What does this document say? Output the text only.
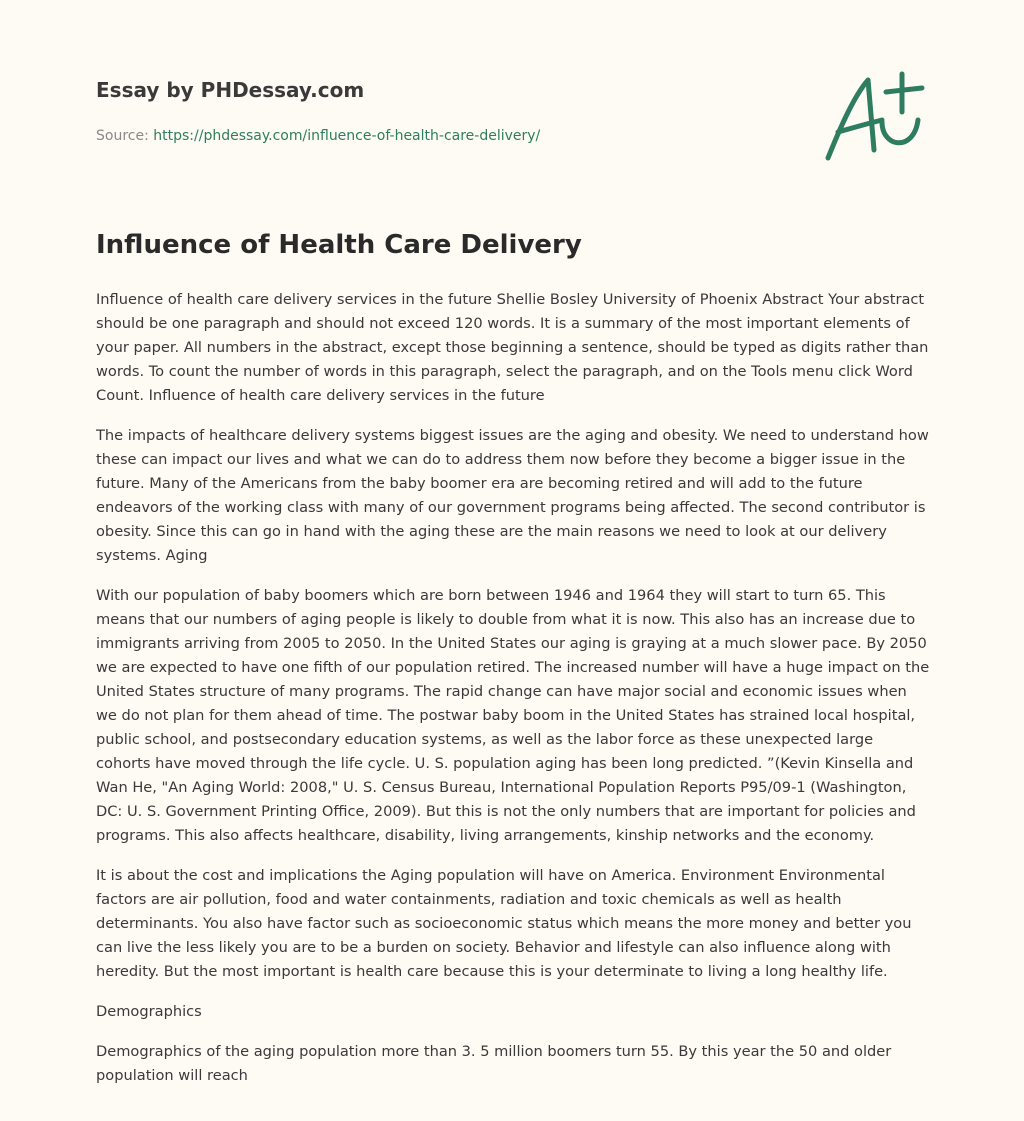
Essay by PHDessay.com
Source: https://phdessay.com/influence-of-health-care-delivery/
Influence of Health Care Delivery

Influence of health care delivery services in the future Shellie Bosley University of Phoenix Abstract Your abstract should be one paragraph and should not exceed 120 words. It is a summary of the most important elements of your paper. All numbers in the abstract, except those beginning a sentence, should be typed as digits rather than words. To count the number of words in this paragraph, select the paragraph, and on the Tools menu click Word Count. Influence of health care delivery services in the future

The impacts of healthcare delivery systems biggest issues are the aging and obesity. We need to understand how these can impact our lives and what we can do to address them now before they become a bigger issue in the future. Many of the Americans from the baby boomer era are becoming retired and will add to the future endeavors of the working class with many of our government programs being affected. The second contributor is obesity. Since this can go in hand with the aging these are the main reasons we need to look at our delivery systems. Aging

With our population of baby boomers which are born between 1946 and 1964 they will start to turn 65. This means that our numbers of aging people is likely to double from what it is now. This also has an increase due to immigrants arriving from 2005 to 2050. In the United States our aging is graying at a much slower pace. By 2050 we are expected to have one fifth of our population retired. The increased number will have a huge impact on the United States structure of many programs. The rapid change can have major social and economic issues when we do not plan for them ahead of time. The postwar baby boom in the United States has strained local hospital, public school, and postsecondary education systems, as well as the labor force as these unexpected large cohorts have moved through the life cycle. U. S. population aging has been long predicted. ”(Kevin Kinsella and Wan He, "An Aging World: 2008," U. S. Census Bureau, International Population Reports P95/09-1 (Washington, DC: U. S. Government Printing Office, 2009). But this is not the only numbers that are important for policies and programs. This also affects healthcare, disability, living arrangements, kinship networks and the economy.

It is about the cost and implications the Aging population will have on America. Environment Environmental factors are air pollution, food and water containments, radiation and toxic chemicals as well as health determinants. You also have factor such as socioeconomic status which means the more money and better you can live the less likely you are to be a burden on society. Behavior and lifestyle can also influence along with heredity. But the most important is health care because this is your determinate to living a long healthy life.

Demographics

Demographics of the aging population more than 3. 5 million boomers turn 55. By this year the 50 and older population will reach
